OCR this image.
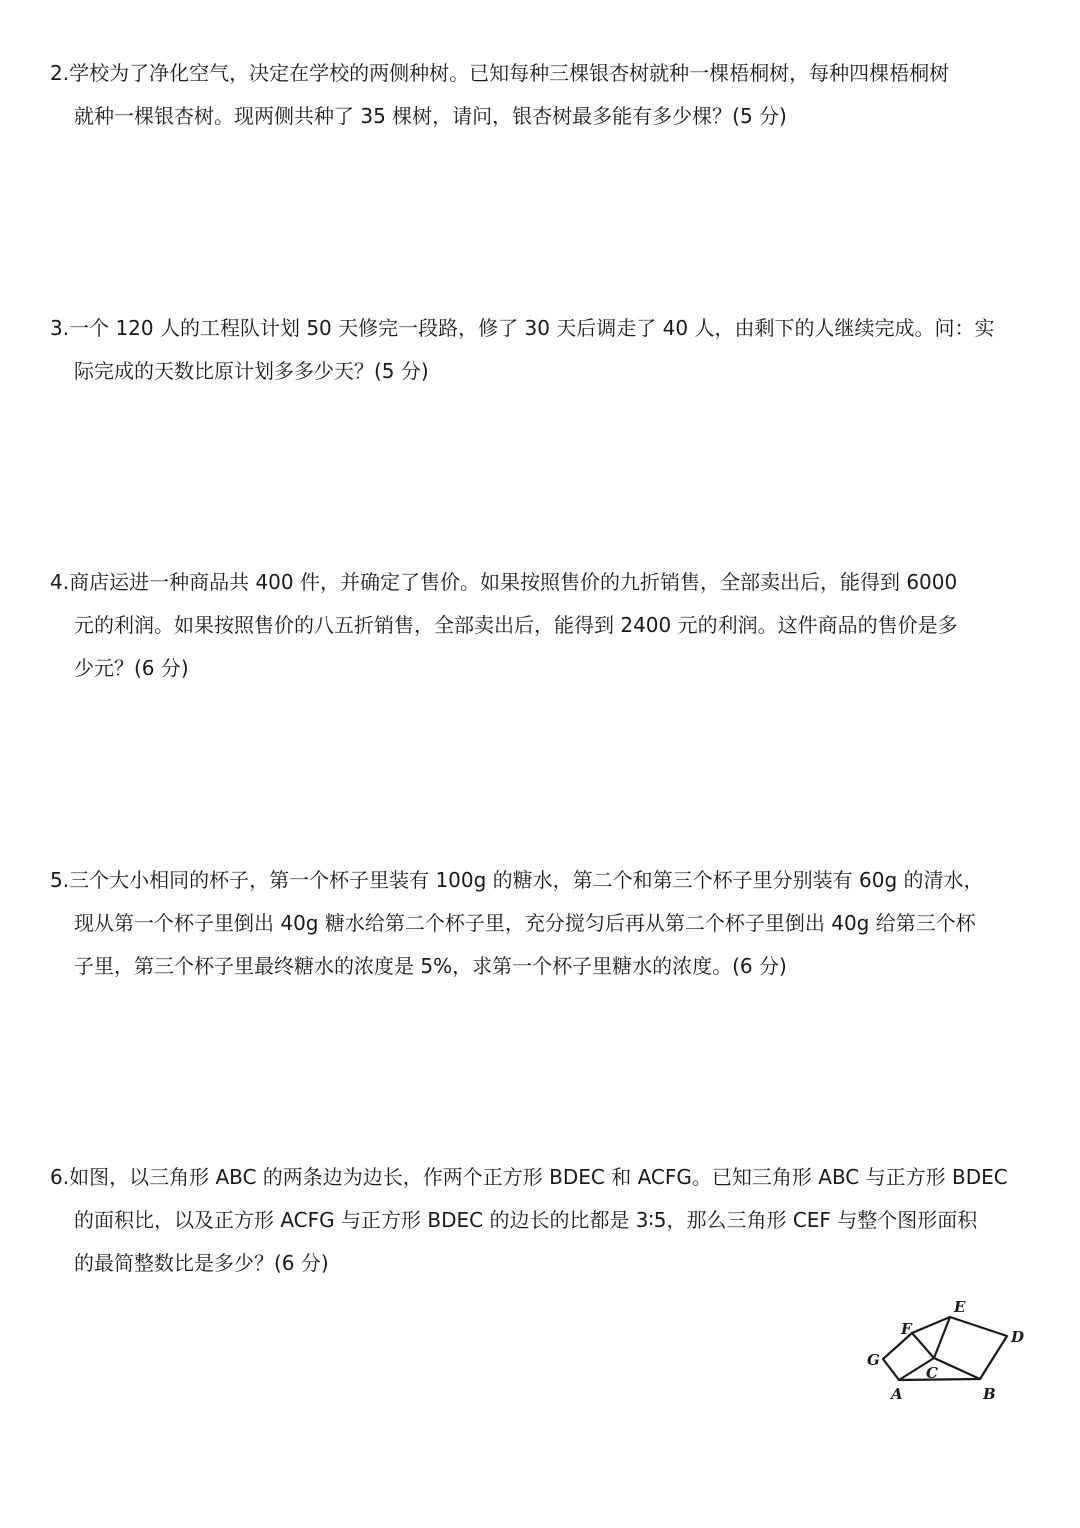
2.学校为了净化空气，决定在学校的两侧种树。已知每种三棵银杏树就种一棵梧桐树，每种四棵梧桐树
就种一棵银杏树。现两侧共种了 35 棵树，请问，银杏树最多能有多少棵？(5 分)
3.一个 120 人的工程队计划 50 天修完一段路，修了 30 天后调走了 40 人，由剩下的人继续完成。问：实
际完成的天数比原计划多多少天？(5 分)
4.商店运进一种商品共 400 件，并确定了售价。如果按照售价的九折销售，全部卖出后，能得到 6000
元的利润。如果按照售价的八五折销售，全部卖出后，能得到 2400 元的利润。这件商品的售价是多
少元？(6 分)
5.三个大小相同的杯子，第一个杯子里装有 100g 的糖水，第二个和第三个杯子里分别装有 60g 的清水，
现从第一个杯子里倒出 40g 糖水给第二个杯子里，充分搅匀后再从第二个杯子里倒出 40g 给第三个杯
子里，第三个杯子里最终糖水的浓度是 5%，求第一个杯子里糖水的浓度。(6 分)
6.如图，以三角形 ABC 的两条边为边长，作两个正方形 BDEC 和 ACFG。已知三角形 ABC 与正方形 BDEC
的面积比，以及正方形 ACFG 与正方形 BDEC 的边长的比都是 3∶5，那么三角形 CEF 与整个图形面积
的最简整数比是多少？(6 分)
E
D
F
G
C
A	B
